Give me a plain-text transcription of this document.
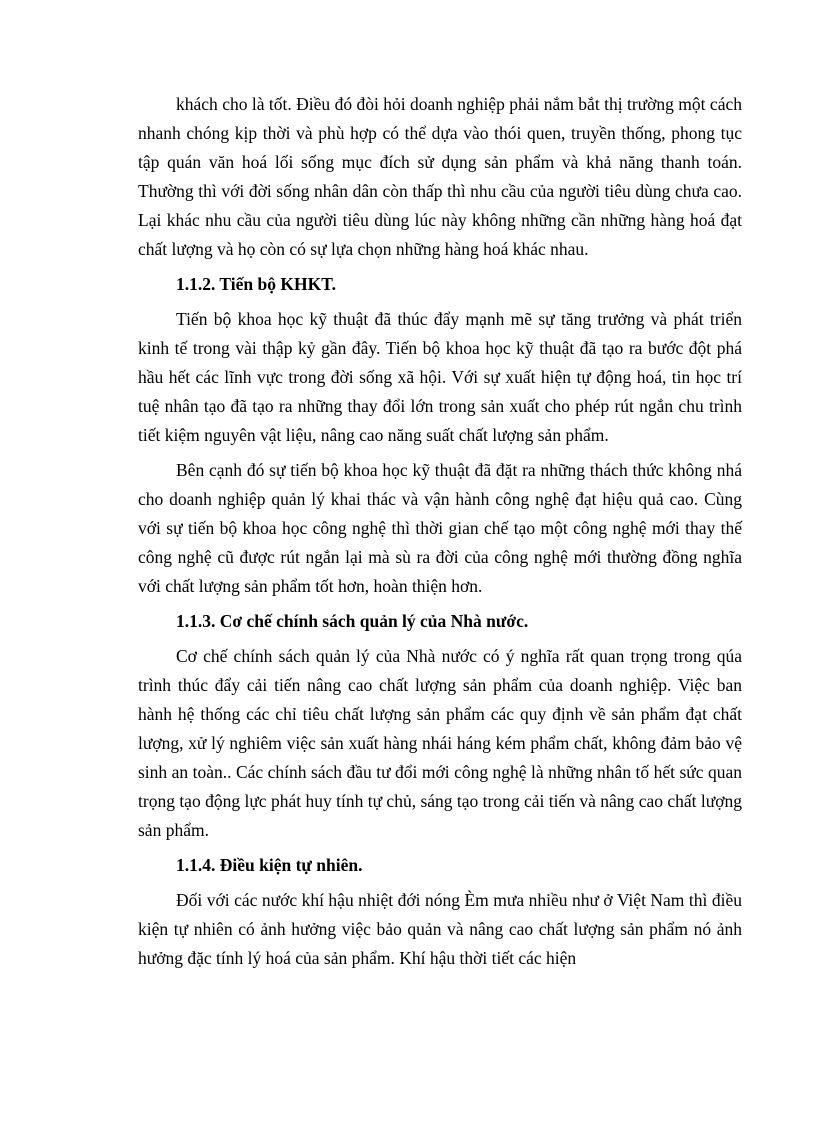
khách cho là tốt. Điều đó đòi hỏi doanh nghiệp phải nắm bắt thị trường một cách nhanh chóng kịp thời và phù hợp có thể dựa vào thói quen, truyền thống, phong tục tập quán văn hoá lối sống mục đích sử dụng sản phẩm và khả năng thanh toán. Thường thì với đời sống nhân dân còn thấp thì nhu cầu của người tiêu dùng chưa cao. Lại khác nhu cầu của người tiêu dùng lúc này không những cần những hàng hoá đạt chất lượng và họ còn có sự lựa chọn những hàng hoá khác nhau.

1.1.2. Tiến bộ KHKT.

Tiến bộ khoa học kỹ thuật đã thúc đẩy mạnh mẽ sự tăng trưởng và phát triển kinh tế trong vài thập kỷ gần đây. Tiến bộ khoa học kỹ thuật đã tạo ra bước đột phá hầu hết các lĩnh vực trong đời sống xã hội. Với sự xuất hiện tự động hoá, tin học trí tuệ nhân tạo đã tạo ra những thay đổi lớn trong sản xuất cho phép rút ngắn chu trình tiết kiệm nguyên vật liệu, nâng cao năng suất chất lượng sản phẩm.

Bên cạnh đó sự tiến bộ khoa học kỹ thuật đã đặt ra những thách thức không nhá cho doanh nghiệp quản lý khai thác và vận hành công nghệ đạt hiệu quả cao. Cùng với sự tiến bộ khoa học công nghệ thì thời gian chế tạo một công nghệ mới thay thế công nghệ cũ được rút ngắn lại mà sù ra đời của công nghệ mới thường đồng nghĩa với chất lượng sản phẩm tốt hơn, hoàn thiện hơn.

1.1.3. Cơ chế chính sách quản lý của Nhà nước.

Cơ chế chính sách quản lý của Nhà nước có ý nghĩa rất quan trọng trong qúa trình thúc đẩy cải tiến nâng cao chất lượng sản phẩm của doanh nghiệp. Việc ban hành hệ thống các chỉ tiêu chất lượng sản phẩm các quy định về sản phẩm đạt chất lượng, xử lý nghiêm việc sản xuất hàng nhái háng kém phẩm chất, không đảm bảo vệ sinh an toàn.. Các chính sách đầu tư đổi mới công nghệ là những nhân tố hết sức quan trọng tạo động lực phát huy tính tự chủ, sáng tạo trong cải tiến và nâng cao chất lượng sản phẩm.

1.1.4. Điều kiện tự nhiên.

Đối với các nước khí hậu nhiệt đới nóng Èm mưa nhiều như ở Việt Nam thì điều kiện tự nhiên có ảnh hưởng việc bảo quản và nâng cao chất lượng sản phẩm nó ảnh hưởng đặc tính lý hoá của sản phẩm. Khí hậu thời tiết các hiện
